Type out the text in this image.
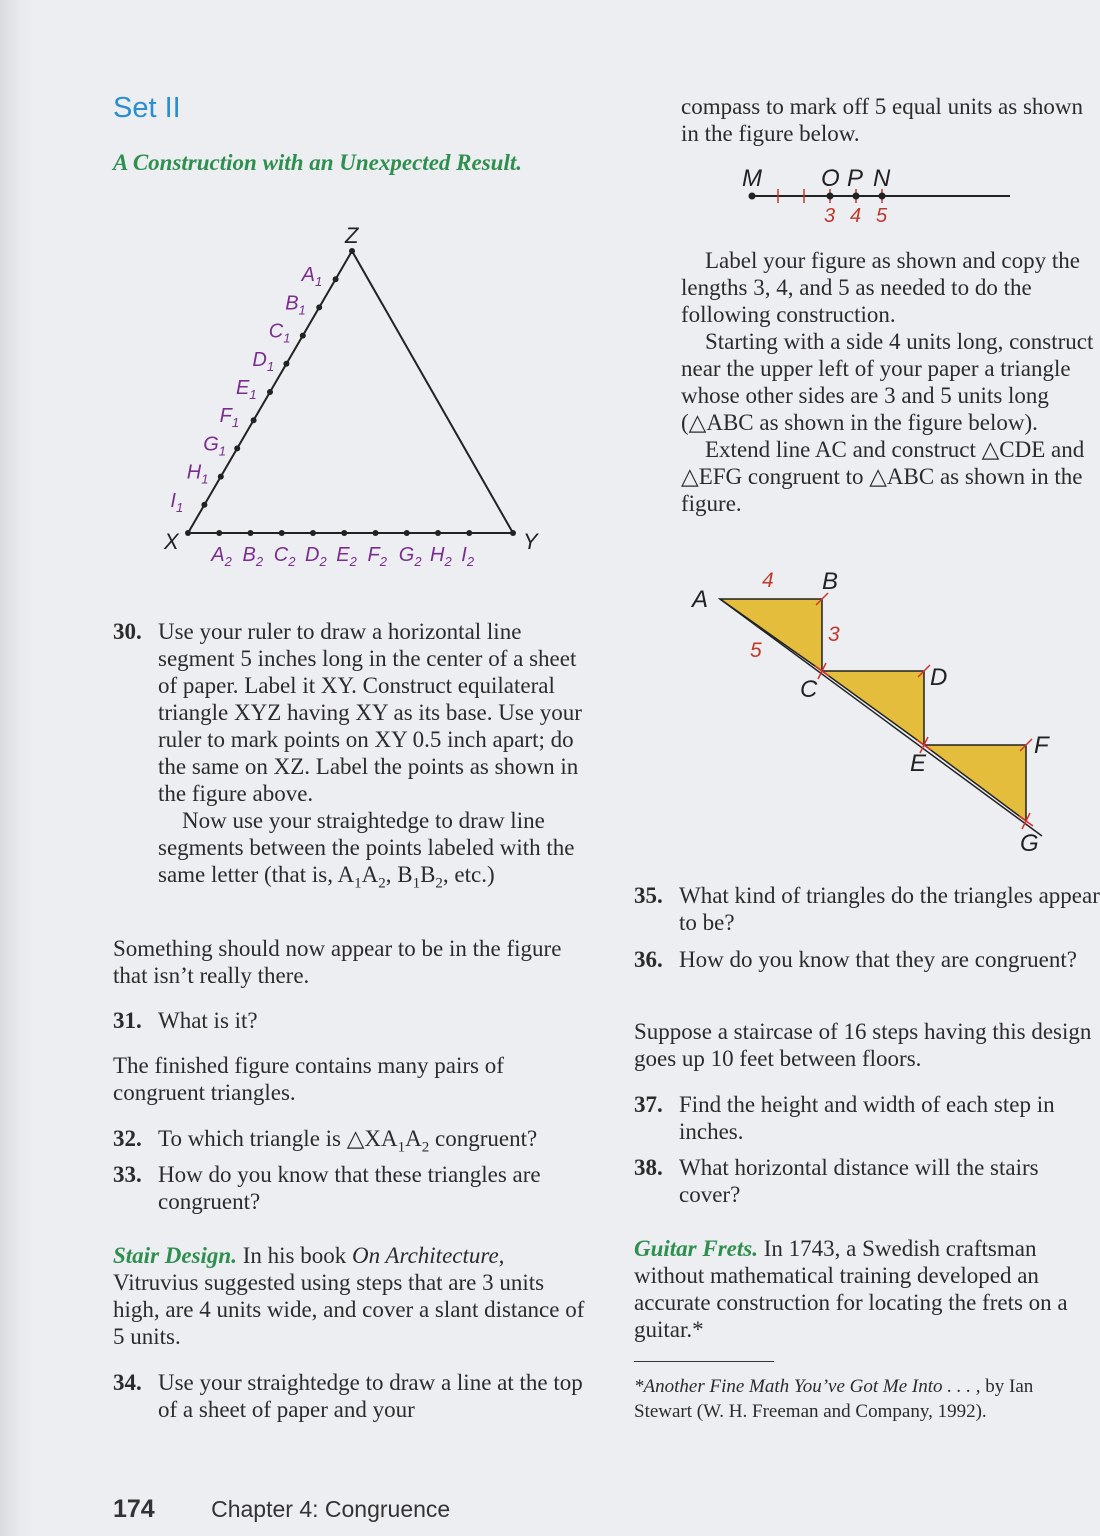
Set II
A Construction with an Unexpected Result.
Z
X	Y
$A_1$
$A_2$
$B_1$
$B_2$
$C_1$
$C_2$
$D_1$
$D_2$
$E_1$
$E_2$
$F_1$
$F_2$
$G_1$
$G_2$
$H_1$
$H_2$
$I_1$
$I_2$
30. Use your ruler to draw a horizontal line segment 5 inches long in the center of a sheet of paper. Label it XY. Construct equilateral triangle XYZ having XY as its base. Use your ruler to mark points on XY 0.5 inch apart; do the same on XZ. Label the points as shown in the figure above.

Now use your straightedge to draw line segments between the points labeled with the same letter (that is, $A_1A_2$, $B_1B_2$, etc.)

Something should now appear to be in the figure that isn’t really there.

31. What is it?

The finished figure contains many pairs of congruent triangles.

32. To which triangle is $\triangle XA_1A_2$ congruent?

33. How do you know that these triangles are congruent?

Stair Design. In his book On Architecture, Vitruvius suggested using steps that are 3 units high, are 4 units wide, and cover a slant distance of 5 units.

34. Use your straightedge to draw a line at the top of a sheet of paper and your

compass to mark off 5 equal units as shown in the figure below.

M O P N
3 4 5

Label your figure as shown and copy the lengths 3, 4, and 5 as needed to do the following construction.

Starting with a side 4 units long, construct near the upper left of your paper a triangle whose other sides are 3 and 5 units long (△ABC as shown in the figure below).

Extend line AC and construct △CDE and △EFG congruent to △ABC as shown in the figure.

A
B
C	D
E
F
G
4
3
5
35. What kind of triangles do the triangles appear to be?

36. How do you know that they are congruent?

Suppose a staircase of 16 steps having this design goes up 10 feet between floors.

37. Find the height and width of each step in inches.

38. What horizontal distance will the stairs cover?

Guitar Frets. In 1743, a Swedish craftsman without mathematical training developed an accurate construction for locating the frets on a guitar.*

*Another Fine Math You’ve Got Me Into . . . , by Ian Stewart (W. H. Freeman and Company, 1992).
174 Chapter 4: Congruence
